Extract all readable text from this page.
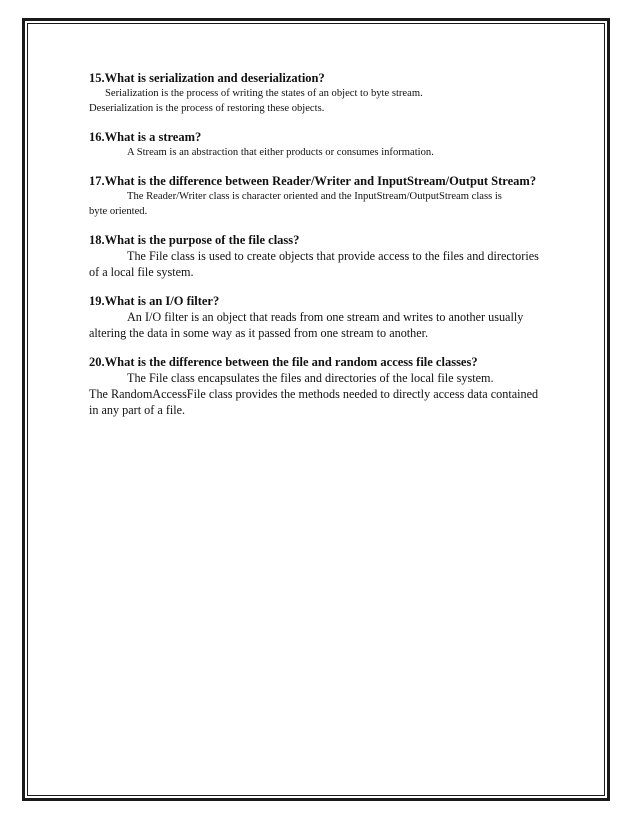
15.What is serialization and deserialization?

Serialization is the process of writing the states of an object to byte stream.

Deserialization is the process of restoring these objects.

16.What is a stream?

A Stream is an abstraction that either products or consumes information.

17.What is the difference between Reader/Writer and InputStream/Output Stream?

The Reader/Writer class is character oriented and the InputStream/OutputStream class is

byte oriented.

18.What is the purpose of the file class?

The File class is used to create objects that provide access to the files and directories

of a local file system.

19.What is an I/O filter?

An I/O filter is an object that reads from one stream and writes to another usually

altering the data in some way as it passed from one stream to another.

20.What is the difference between the file and random access file classes?

The File class encapsulates the files and directories of the local file system.

The RandomAccessFile class provides the methods needed to directly access data contained

in any part of a file.
